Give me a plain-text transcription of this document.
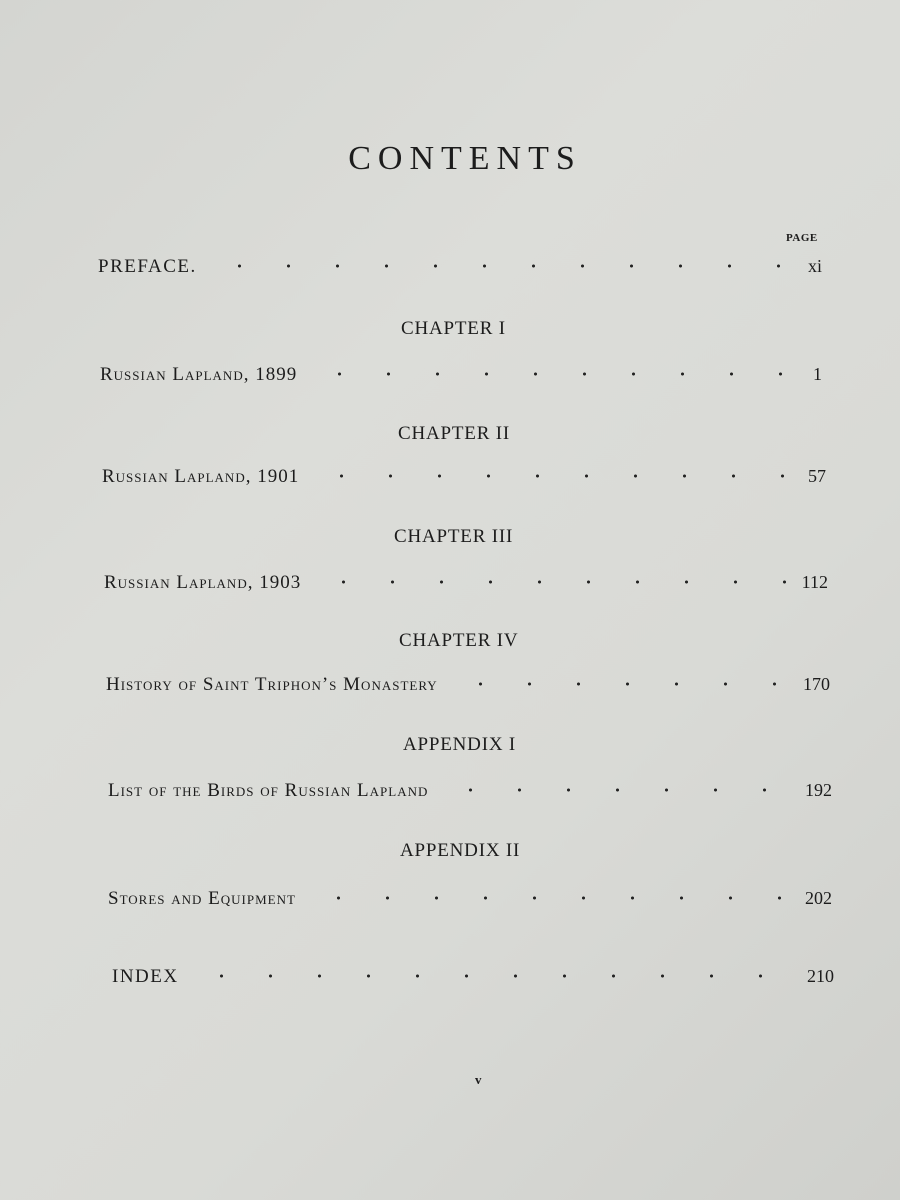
CONTENTS
PAGE
PREFACE.	xi
CHAPTER I
Russian Lapland, 1899	1
CHAPTER II
Russian Lapland, 1901	57
CHAPTER III
Russian Lapland, 1903	112
CHAPTER IV
History of Saint Triphon’s Monastery	170
APPENDIX I
List of the Birds of Russian Lapland	192
APPENDIX II
Stores and Equipment	202
INDEX	210
v
